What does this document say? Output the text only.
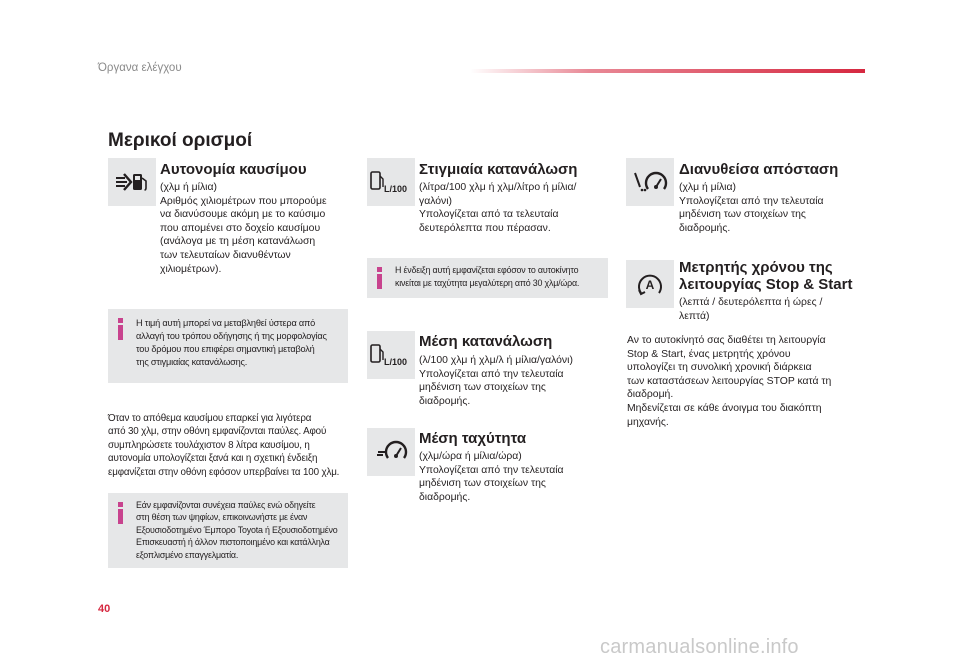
Όργανα ελέγχου
Μερικοί ορισμοί
Αυτονομία καυσίμου
(χλμ ή μίλια)
Αριθμός χιλιομέτρων που μπορούμε
να διανύσουμε ακόμη με το καύσιμο
που απομένει στο δοχείο καυσίμου
(ανάλογα με τη μέση κατανάλωση
των τελευταίων διανυθέντων
χιλιομέτρων).
Η τιμή αυτή μπορεί να μεταβληθεί ύστερα από
αλλαγή του τρόπου οδήγησης ή της μορφολογίας
του δρόμου που επιφέρει σημαντική μεταβολή
της στιγμιαίας κατανάλωσης.
Όταν το απόθεμα καυσίμου επαρκεί για λιγότερα
από 30 χλμ, στην οθόνη εμφανίζονται παύλες. Αφού
συμπληρώσετε τουλάχιστον 8 λίτρα καυσίμου, η
αυτονομία υπολογίζεται ξανά και η σχετική ένδειξη
εμφανίζεται στην οθόνη εφόσον υπερβαίνει τα 100 χλμ.
Εάν εμφανίζονται συνέχεια παύλες ενώ οδηγείτε
στη θέση των ψηφίων, επικοινωνήστε με έναν
Εξουσιοδοτημένο Έμπορο Toyota ή Εξουσιοδοτημένο
Επισκευαστή ή άλλον πιστοποιημένο και κατάλληλα
εξοπλισμένο επαγγελματία.
L/100
Στιγμιαία κατανάλωση
(λίτρα/100 χλμ ή χλμ/λίτρο ή μίλια/
γαλόνι)
Υπολογίζεται από τα τελευταία
δευτερόλεπτα που πέρασαν.
Η ένδειξη αυτή εμφανίζεται εφόσον το αυτοκίνητο
κινείται με ταχύτητα μεγαλύτερη από 30 χλμ/ώρα.
L/100
Μέση κατανάλωση
(λ/100 χλμ ή χλμ/λ ή μίλια/γαλόνι)
Υπολογίζεται από την τελευταία
μηδένιση των στοιχείων της
διαδρομής.
Μέση ταχύτητα
(χλμ/ώρα ή μίλια/ώρα)
Υπολογίζεται από την τελευταία
μηδένιση των στοιχείων της
διαδρομής.
Διανυθείσα απόσταση
(χλμ ή μίλια)
Υπολογίζεται από την τελευταία
μηδένιση των στοιχείων της
διαδρομής.
A
Μετρητής χρόνου της
λειτουργίας Stop & Start
(λεπτά / δευτερόλεπτα ή ώρες /
λεπτά)
Αν το αυτοκίνητό σας διαθέτει τη λειτουργία
Stop & Start, ένας μετρητής χρόνου
υπολογίζει τη συνολική χρονική διάρκεια
των καταστάσεων λειτουργίας STOP κατά τη
διαδρομή.
Μηδενίζεται σε κάθε άνοιγμα του διακόπτη
μηχανής.
40
carmanualsonline.info
